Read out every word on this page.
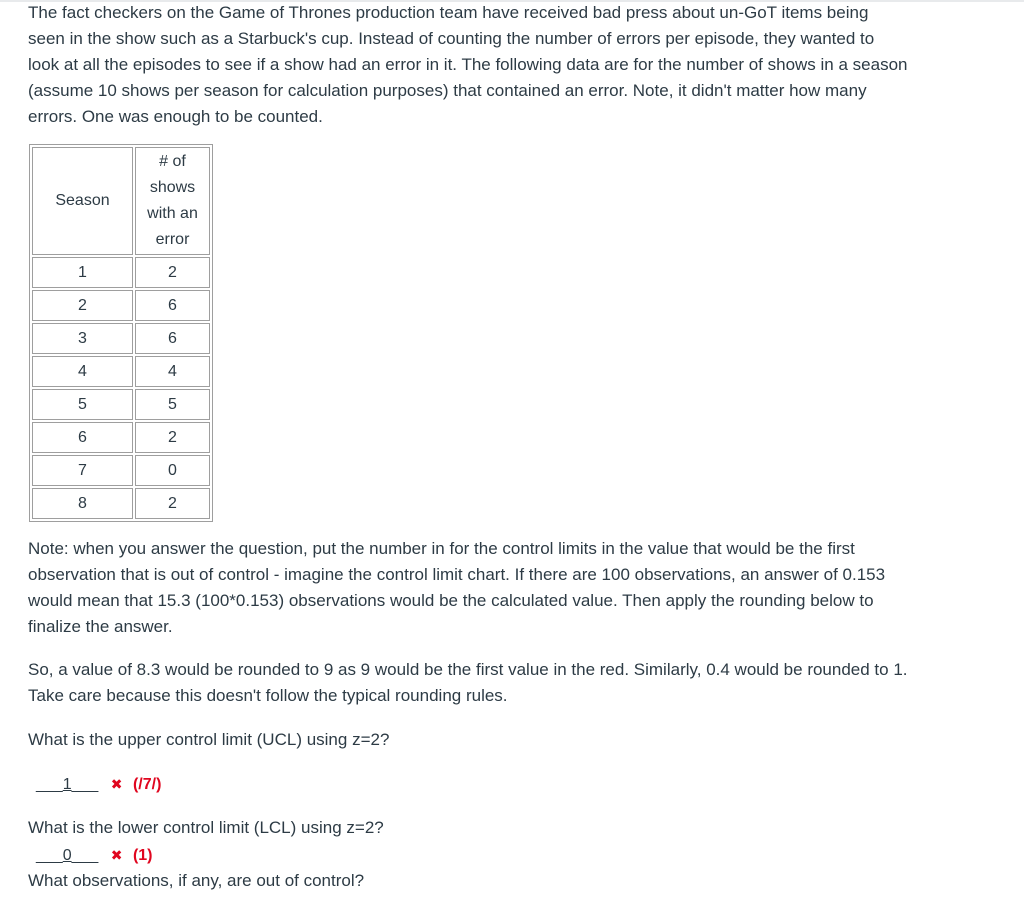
The fact checkers on the Game of Thrones production team have received bad press about un-GoT items being seen in the show such as a Starbuck's cup. Instead of counting the number of errors per episode, they wanted to look at all the episodes to see if a show had an error in it. The following data are for the number of shows in a season (assume 10 shows per season for calculation purposes) that contained an error. Note, it didn't matter how many errors. One was enough to be counted.

Season	# of shows with an error
1	2
2	6
3	6
4	4
5	5
6	2
7	0
8	2

Note: when you answer the question, put the number in for the control limits in the value that would be the first observation that is out of control - imagine the control limit chart. If there are 100 observations, an answer of 0.153 would mean that 15.3 (100*0.153) observations would be the calculated value. Then apply the rounding below to finalize the answer.

So, a value of 8.3 would be rounded to 9 as 9 would be the first value in the red. Similarly, 0.4 would be rounded to 1. Take care because this doesn't follow the typical rounding rules.

What is the upper control limit (UCL) using z=2?

___1___ ✖ (/7/)

What is the lower control limit (LCL) using z=2?

___0___ ✖ (1)

What observations, if any, are out of control?
